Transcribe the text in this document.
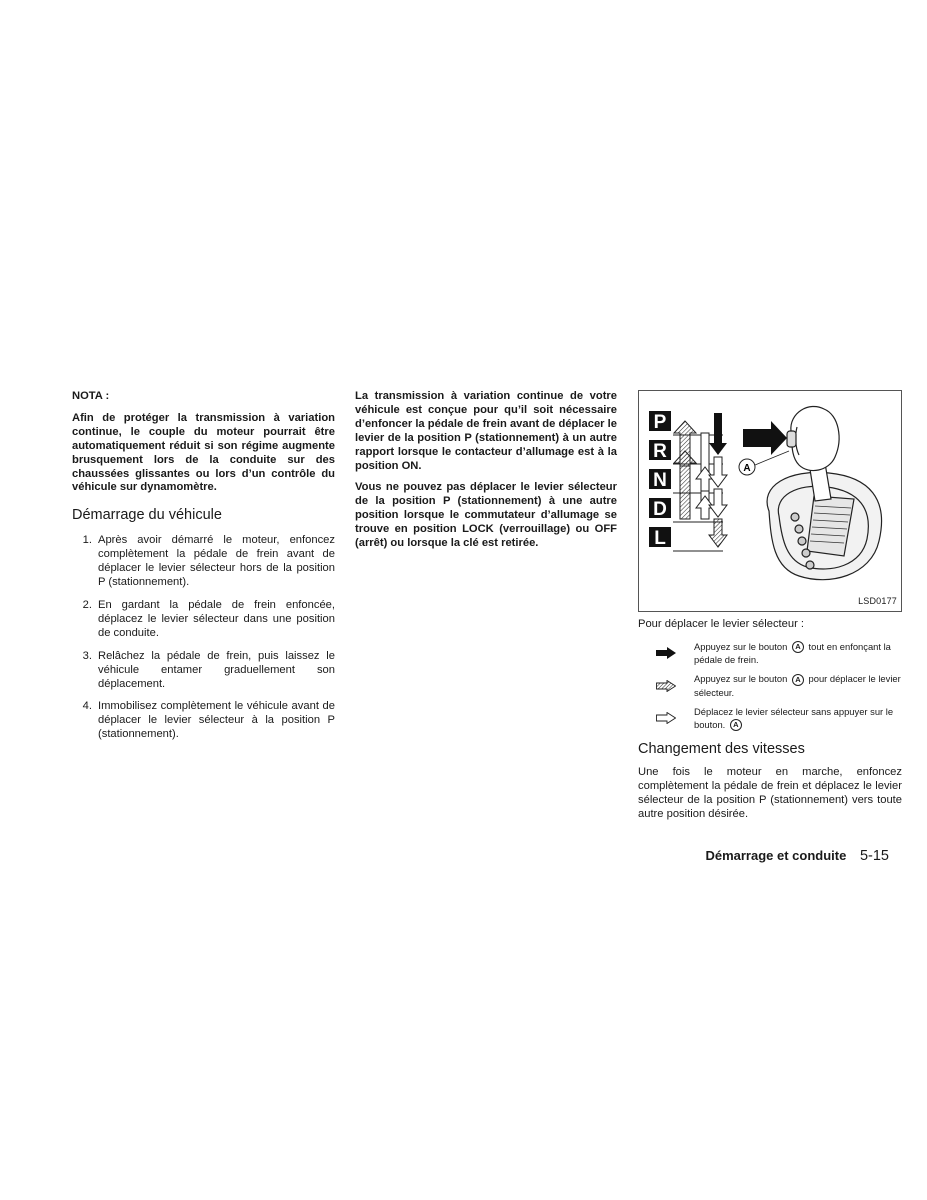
NOTA :

Afin de protéger la transmission à variation continue, le couple du moteur pourrait être automatiquement réduit si son régime augmente brusquement lors de la conduite sur des chaussées glissantes ou lors d’un contrôle du véhicule sur dynamomètre.

Démarrage du véhicule
1. Après avoir démarré le moteur, enfoncez complètement la pédale de frein avant de déplacer le levier sélecteur hors de la position P (stationnement).
2. En gardant la pédale de frein enfoncée, déplacez le levier sélecteur dans une position de conduite.
3. Relâchez la pédale de frein, puis laissez le véhicule entamer graduellement son déplacement.
4. Immobilisez complètement le véhicule avant de déplacer le levier sélecteur à la position P (stationnement).

La transmission à variation continue de votre véhicule est conçue pour qu’il soit nécessaire d’enfoncer la pédale de frein avant de déplacer le levier de la position P (stationnement) à un autre rapport lorsque le contacteur d’allumage est à la position ON.

Vous ne pouvez pas déplacer le levier sélecteur de la position P (stationnement) à une autre position lorsque le commutateur d’allumage se trouve en position LOCK (verrouillage) ou OFF (arrêt) ou lorsque la clé est retirée.

P
R
N
D
L
A
LSD0177

Pour déplacer le levier sélecteur :

Appuyez sur le bouton A tout en enfonçant la pédale de frein.
Appuyez sur le bouton A pour déplacer le levier sélecteur.
Déplacez le levier sélecteur sans appuyer sur le bouton. A
Changement des vitesses

Une fois le moteur en marche, enfoncez complètement la pédale de frein et déplacez le levier sélecteur de la position P (stationnement) vers toute autre position désirée.

Démarrage et conduite 5-15
